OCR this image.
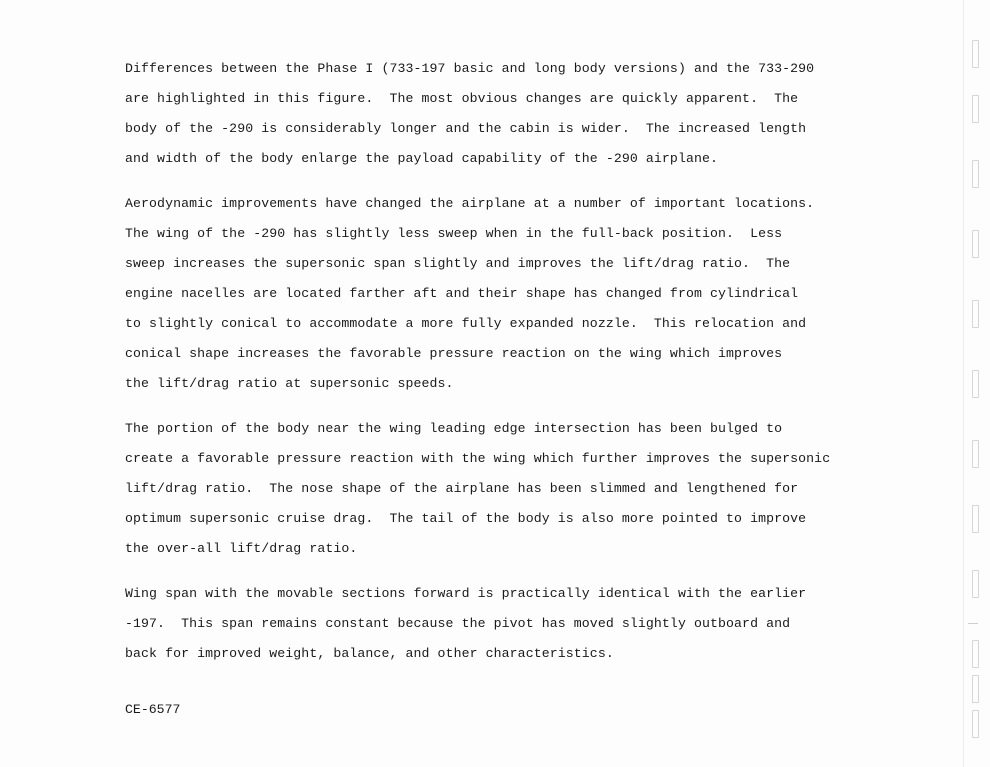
Differences between the Phase I (733-197 basic and long body versions) and the 733-290
are highlighted in this figure.  The most obvious changes are quickly apparent.  The
body of the -290 is considerably longer and the cabin is wider.  The increased length
and width of the body enlarge the payload capability of the -290 airplane.
Aerodynamic improvements have changed the airplane at a number of important locations.
The wing of the -290 has slightly less sweep when in the full-back position.  Less
sweep increases the supersonic span slightly and improves the lift/drag ratio.  The
engine nacelles are located farther aft and their shape has changed from cylindrical
to slightly conical to accommodate a more fully expanded nozzle.  This relocation and
conical shape increases the favorable pressure reaction on the wing which improves
the lift/drag ratio at supersonic speeds.
The portion of the body near the wing leading edge intersection has been bulged to
create a favorable pressure reaction with the wing which further improves the supersonic
lift/drag ratio.  The nose shape of the airplane has been slimmed and lengthened for
optimum supersonic cruise drag.  The tail of the body is also more pointed to improve
the over-all lift/drag ratio.
Wing span with the movable sections forward is practically identical with the earlier
-197.  This span remains constant because the pivot has moved slightly outboard and
back for improved weight, balance, and other characteristics.
CE-6577
